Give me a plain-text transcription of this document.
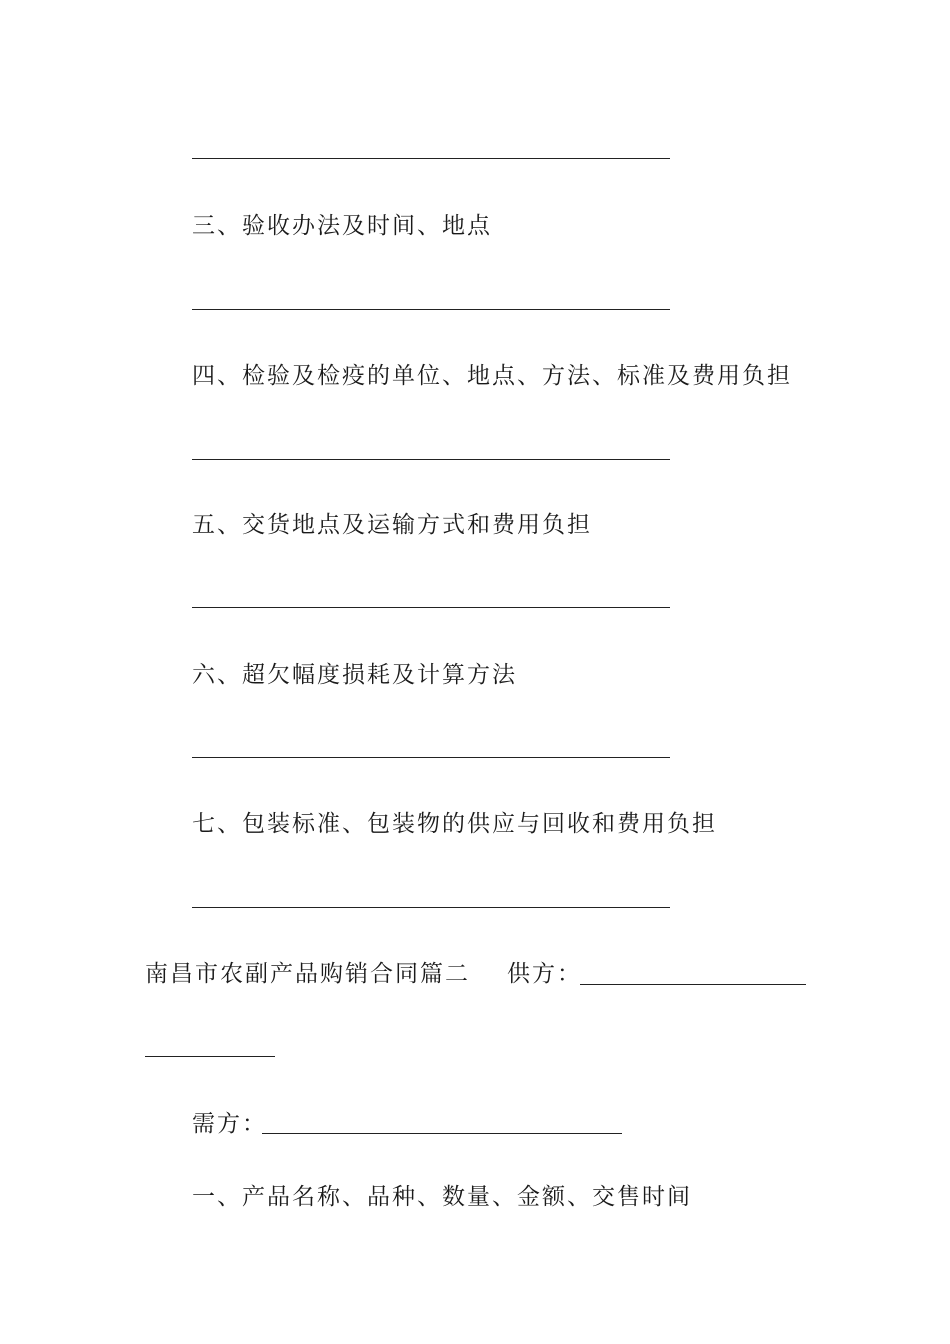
三、验收办法及时间、地点
四、检验及检疫的单位、地点、方法、标准及费用负担
五、交货地点及运输方式和费用负担
六、超欠幅度损耗及计算方法
七、包装标准、包装物的供应与回收和费用负担
南昌市农副产品购销合同篇二 供方：
需方：
一、产品名称、品种、数量、金额、交售时间
